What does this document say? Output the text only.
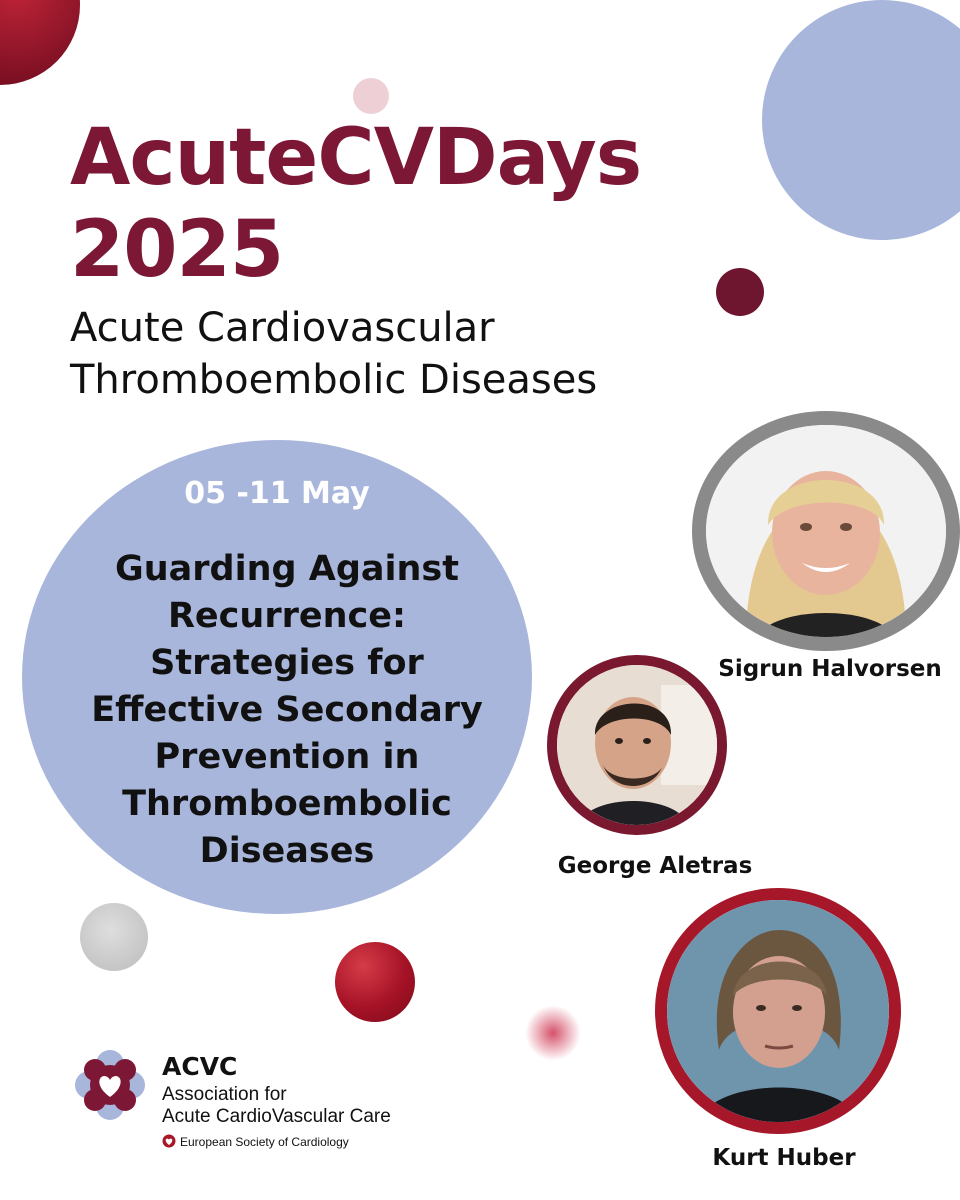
AcuteCVDays
2025
Acute Cardiovascular
Thromboembolic Diseases
05 -11 May
Guarding Against
Recurrence:
Strategies for
Effective Secondary
Prevention in
Thromboembolic
Diseases
Sigrun Halvorsen
George Aletras
Kurt Huber
ACVC
Association for
Acute CardioVascular Care
European Society of Cardiology
